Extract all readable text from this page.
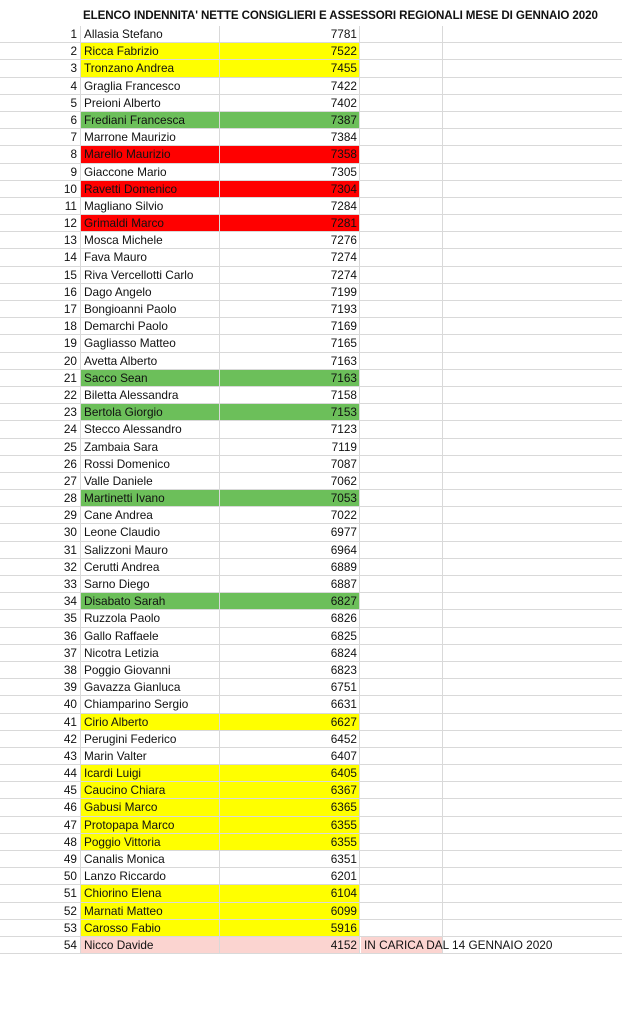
ELENCO INDENNITA' NETTE CONSIGLIERI E ASSESSORI REGIONALI MESE DI GENNAIO 2020
1 Allasia Stefano	7781
2 Ricca Fabrizio	7522
3 Tronzano Andrea	7455
4 Graglia Francesco	7422
5 Preioni Alberto	7402
6 Frediani Francesca	7387
7 Marrone Maurizio	7384
8 Marello Maurizio	7358
9 Giaccone Mario	7305
10 Ravetti Domenico	7304
11 Magliano Silvio	7284
12 Grimaldi Marco	7281
13 Mosca Michele	7276
14 Fava Mauro	7274
15 Riva Vercellotti Carlo	7274
16 Dago Angelo	7199
17 Bongioanni Paolo	7193
18 Demarchi Paolo	7169
19 Gagliasso Matteo	7165
20 Avetta Alberto	7163
21 Sacco Sean	7163
22 Biletta Alessandra	7158
23 Bertola Giorgio	7153
24 Stecco Alessandro	7123
25 Zambaia Sara	7119
26 Rossi Domenico	7087
27 Valle Daniele	7062
28 Martinetti Ivano	7053
29 Cane Andrea	7022
30 Leone Claudio	6977
31 Salizzoni Mauro	6964
32 Cerutti Andrea	6889
33 Sarno Diego	6887
34 Disabato Sarah	6827
35 Ruzzola Paolo	6826
36 Gallo Raffaele	6825
37 Nicotra Letizia	6824
38 Poggio Giovanni	6823
39 Gavazza Gianluca	6751
40 Chiamparino Sergio	6631
41 Cirio Alberto	6627
42 Perugini Federico	6452
43 Marin Valter	6407
44 Icardi Luigi	6405
45 Caucino Chiara	6367
46 Gabusi Marco	6365
47 Protopapa Marco	6355
48 Poggio Vittoria	6355
49 Canalis Monica	6351
50 Lanzo Riccardo	6201
51 Chiorino Elena	6104
52 Marnati Matteo	6099
53 Carosso Fabio	5916
54 Nicco Davide	4152 IN CARICA DAL 14 GENNAIO 2020
